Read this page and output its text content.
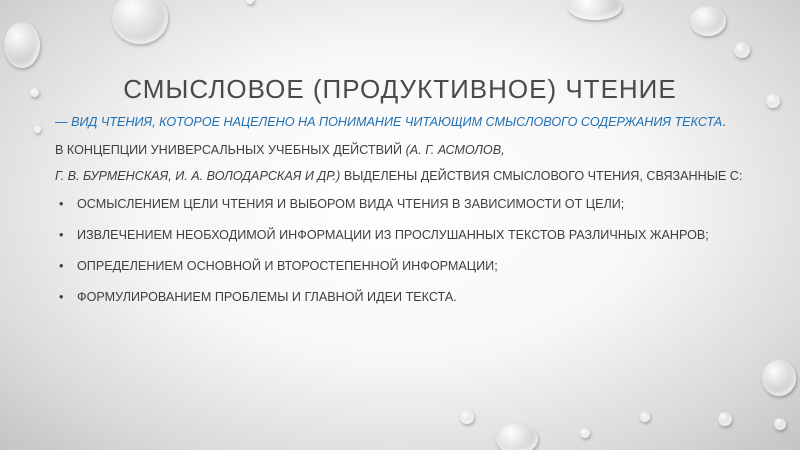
СМЫСЛОВОЕ (ПРОДУКТИВНОЕ) ЧТЕНИЕ

— ВИД ЧТЕНИЯ, КОТОРОЕ НАЦЕЛЕНО НА ПОНИМАНИЕ ЧИТАЮЩИМ СМЫСЛОВОГО СОДЕРЖАНИЯ ТЕКСТА.

В КОНЦЕПЦИИ УНИВЕРСАЛЬНЫХ УЧЕБНЫХ ДЕЙСТВИЙ (А. Г. АСМОЛОВ,

Г. В. БУРМЕНСКАЯ, И. А. ВОЛОДАРСКАЯ И ДР.) ВЫДЕЛЕНЫ ДЕЙСТВИЯ СМЫСЛОВОГО ЧТЕНИЯ, СВЯЗАННЫЕ С:

• ОСМЫСЛЕНИЕМ ЦЕЛИ ЧТЕНИЯ И ВЫБОРОМ ВИДА ЧТЕНИЯ В ЗАВИСИМОСТИ ОТ ЦЕЛИ;
• ИЗВЛЕЧЕНИЕМ НЕОБХОДИМОЙ ИНФОРМАЦИИ ИЗ ПРОСЛУШАННЫХ ТЕКСТОВ РАЗЛИЧНЫХ ЖАНРОВ;
• ОПРЕДЕЛЕНИЕМ ОСНОВНОЙ И ВТОРОСТЕПЕННОЙ ИНФОРМАЦИИ;
• ФОРМУЛИРОВАНИЕМ ПРОБЛЕМЫ И ГЛАВНОЙ ИДЕИ ТЕКСТА.
